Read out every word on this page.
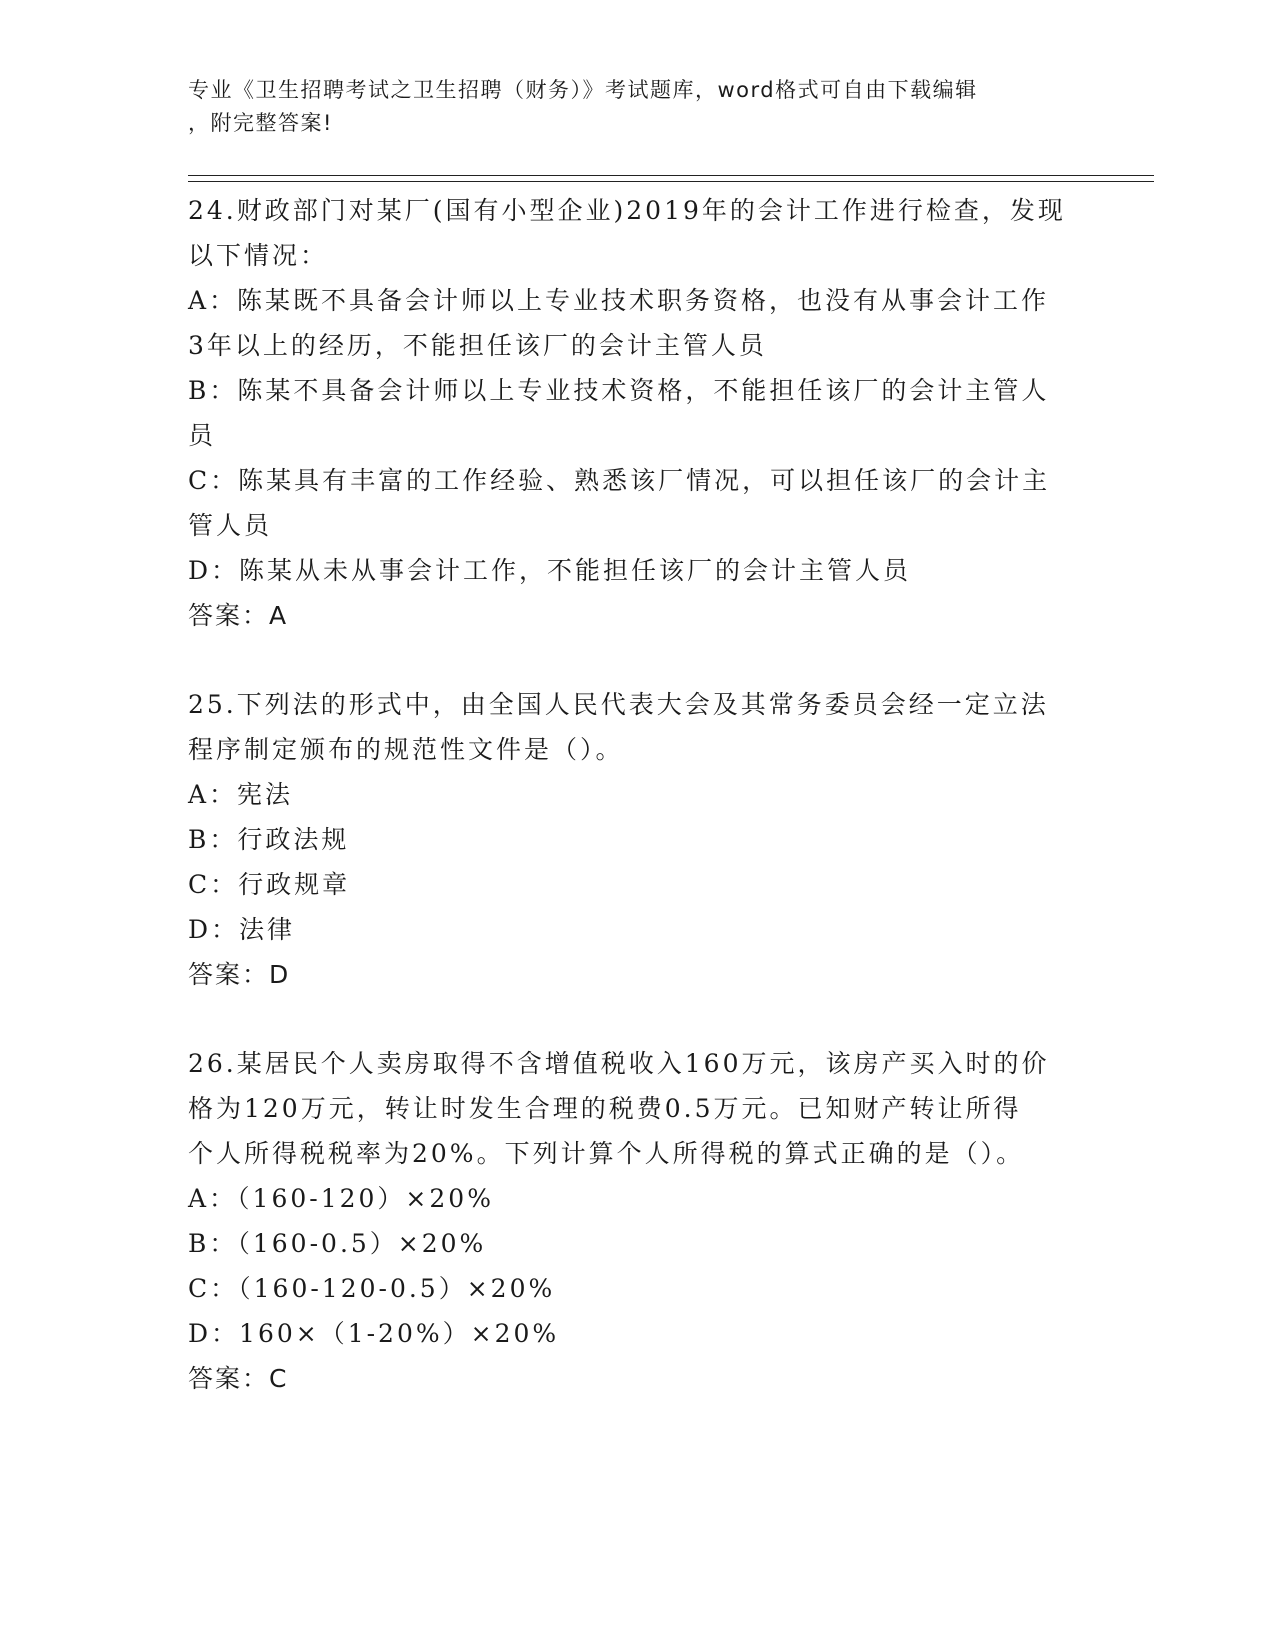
专业《卫生招聘考试之卫生招聘（财务）》考试题库，word格式可自由下载编辑
，附完整答案!
24.财政部门对某厂(国有小型企业)2019年的会计工作进行检查，发现
以下情况：
A：陈某既不具备会计师以上专业技术职务资格，也没有从事会计工作
3年以上的经历，不能担任该厂的会计主管人员
B：陈某不具备会计师以上专业技术资格，不能担任该厂的会计主管人
员
C：陈某具有丰富的工作经验、熟悉该厂情况，可以担任该厂的会计主
管人员
D：陈某从未从事会计工作，不能担任该厂的会计主管人员
答案：A
25.下列法的形式中，由全国人民代表大会及其常务委员会经一定立法
程序制定颁布的规范性文件是（）。
A：宪法
B：行政法规
C：行政规章
D：法律
答案：D
26.某居民个人卖房取得不含增值税收入160万元，该房产买入时的价
格为120万元，转让时发生合理的税费0.5万元。已知财产转让所得
个人所得税税率为20%。下列计算个人所得税的算式正确的是（）。
A：（160-120）×20%
B：（160-0.5）×20%
C：（160-120-0.5）×20%
D：160×（1-20%）×20%
答案：C
